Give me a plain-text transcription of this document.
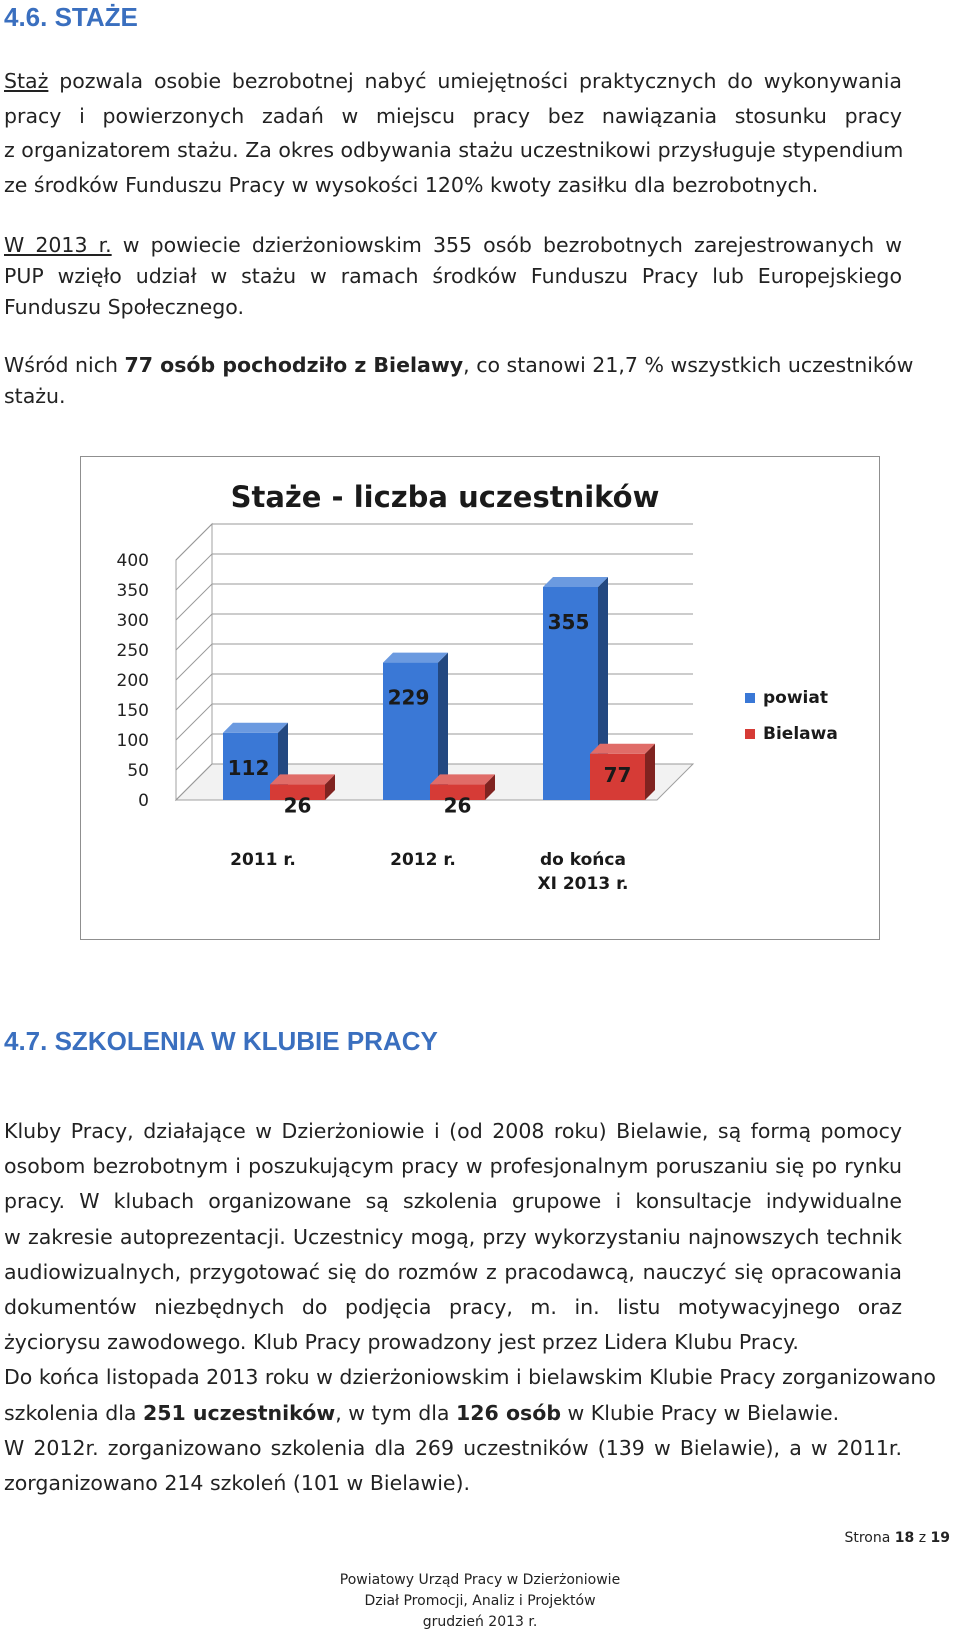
4.6. STAŻE
Staż pozwala osobie bezrobotnej nabyć umiejętności praktycznych do wykonywania
pracy i powierzonych zadań w miejscu pracy bez nawiązania stosunku pracy
z organizatorem stażu. Za okres odbywania stażu uczestnikowi przysługuje stypendium
ze środków Funduszu Pracy w wysokości 120% kwoty zasiłku dla bezrobotnych.
W 2013 r. w powiecie dzierżoniowskim 355 osób bezrobotnych zarejestrowanych w
PUP wzięło udział w stażu w ramach środków Funduszu Pracy lub Europejskiego
Funduszu Społecznego.
Wśród nich 77 osób pochodziło z Bielawy, co stanowi 21,7 % wszystkich uczestników
stażu.
Staże - liczba uczestników
0
50
100
150
200
250
300
350
400
112
229
355
26	26
77
2011 r.	2012 r.	do końca
XI 2013 r.
powiat
Bielawa
4.7. SZKOLENIA W KLUBIE PRACY
Kluby Pracy, działające w Dzierżoniowie i (od 2008 roku) Bielawie, są formą pomocy
osobom bezrobotnym i poszukującym pracy w profesjonalnym poruszaniu się po rynku
pracy. W klubach organizowane są szkolenia grupowe i konsultacje indywidualne
w zakresie autoprezentacji. Uczestnicy mogą, przy wykorzystaniu najnowszych technik
audiowizualnych, przygotować się do rozmów z pracodawcą, nauczyć się opracowania
dokumentów niezbędnych do podjęcia pracy, m. in. listu motywacyjnego oraz
życiorysu zawodowego. Klub Pracy prowadzony jest przez Lidera Klubu Pracy.
Do końca listopada 2013 roku w dzierżoniowskim i bielawskim Klubie Pracy zorganizowano
szkolenia dla 251 uczestników, w tym dla 126 osób w Klubie Pracy w Bielawie.
W 2012r. zorganizowano szkolenia dla 269 uczestników (139 w Bielawie), a w 2011r.
zorganizowano 214 szkoleń (101 w Bielawie).
Strona 18 z 19
Powiatowy Urząd Pracy w Dzierżoniowie
Dział Promocji, Analiz i Projektów
grudzień 2013 r.
